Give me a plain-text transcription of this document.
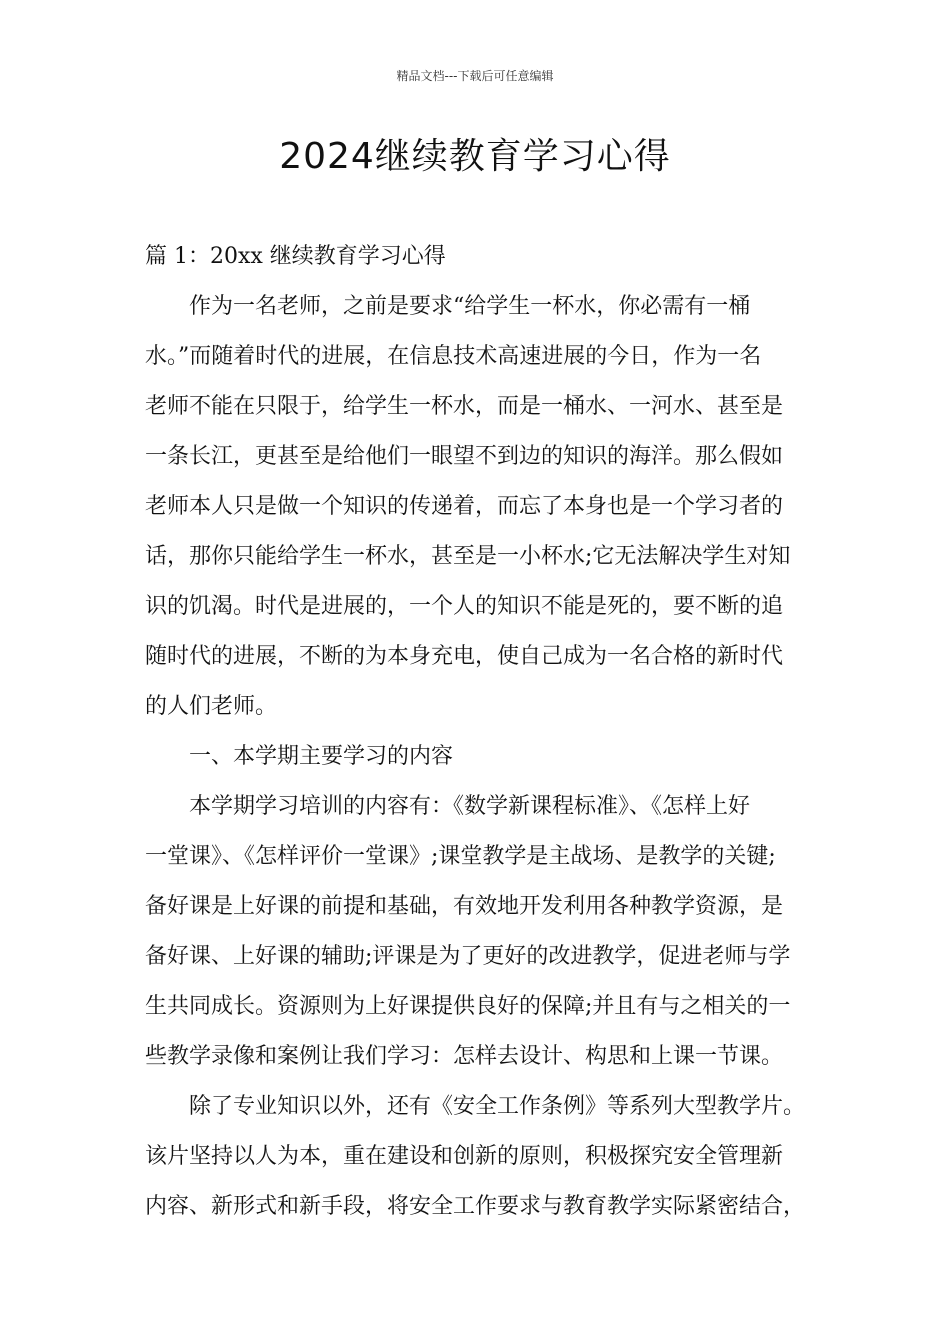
精品文档---下载后可任意编辑
2024继续教育学习心得
篇 1：20xx 继续教育学习心得
作为一名老师，之前是要求“给学生一杯水，你必需有一桶
水。”而随着时代的进展，在信息技术高速进展的今日，作为一名
老师不能在只限于，给学生一杯水，而是一桶水、一河水、甚至是
一条长江，更甚至是给他们一眼望不到边的知识的海洋。那么假如
老师本人只是做一个知识的传递着，而忘了本身也是一个学习者的
话，那你只能给学生一杯水，甚至是一小杯水;它无法解决学生对知
识的饥渴。时代是进展的，一个人的知识不能是死的，要不断的追
随时代的进展，不断的为本身充电，使自己成为一名合格的新时代
的人们老师。
一、本学期主要学习的内容
本学期学习培训的内容有：《数学新课程标准》、《怎样上好
一堂课》、《怎样评价一堂课》;课堂教学是主战场、是教学的关键;
备好课是上好课的前提和基础，有效地开发利用各种教学资源，是
备好课、上好课的辅助;评课是为了更好的改进教学，促进老师与学
生共同成长。资源则为上好课提供良好的保障;并且有与之相关的一
些教学录像和案例让我们学习：怎样去设计、构思和上课一节课。
除了专业知识以外，还有《安全工作条例》等系列大型教学片。
该片坚持以人为本，重在建设和创新的原则，积极探究安全管理新
内容、新形式和新手段，将安全工作要求与教育教学实际紧密结合，
